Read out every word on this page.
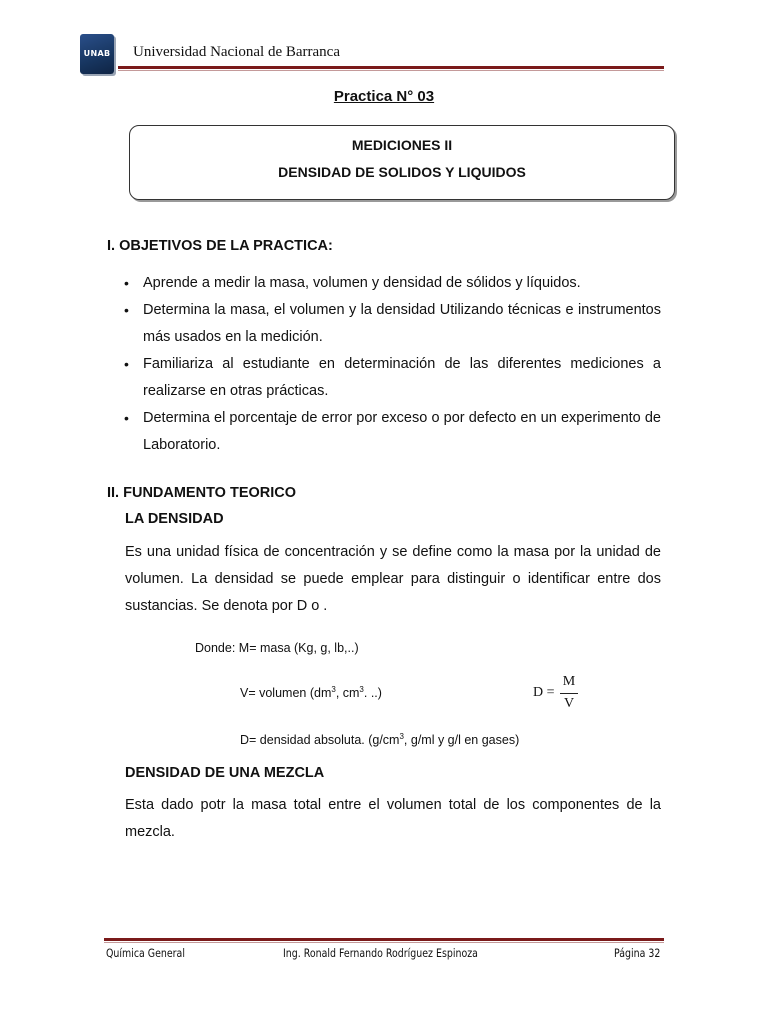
UNAB Universidad Nacional de Barranca
Practica N° 03
MEDICIONES II
DENSIDAD DE SOLIDOS Y LIQUIDOS
I. OBJETIVOS DE LA PRACTICA:
• Aprende a medir la masa, volumen y densidad de sólidos y líquidos.
• Determina la masa, el volumen y la densidad Utilizando técnicas e instrumentos más usados en la medición.
• Familiariza al estudiante en determinación de las diferentes mediciones a realizarse en otras prácticas.
• Determina el porcentaje de error por exceso o por defecto en un experimento de Laboratorio.
II. FUNDAMENTO TEORICO
LA DENSIDAD
Es una unidad física de concentración y se define como la masa por la unidad de volumen. La densidad se puede emplear para distinguir o identificar entre dos sustancias. Se denota por D o .
Donde: M= masa (Kg, g, lb,..)
V= volumen ($dm^3$, $cm^3$. ..)
D= densidad absoluta. ($g/cm^3$, g/ml y g/l en gases)
D =
M
V
DENSIDAD DE UNA MEZCLA
Esta dado potr la masa total entre el volumen total de los componentes de la mezcla.
Química General	Ing. Ronald Fernando Rodríguez Espinoza	Página 32
